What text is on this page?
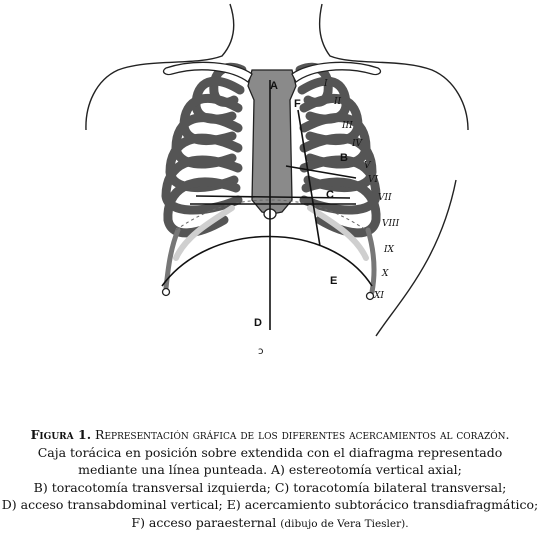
ↄ
A
B
C
D
E
F
I
II
III
IV
V
VI
VII
VIII
IX
X
XI
Figura 1. Representación gráfica de los diferentes acercamientos al corazón.
Caja torácica en posición sobre extendida con el diafragma representado
mediante una línea punteada. A) estereotomía vertical axial;
B) toracotomía transversal izquierda; C) toracotomía bilateral transversal;
D) acceso transabdominal vertical; E) acercamiento subtorácico transdiafragmático;
F) acceso paraesternal (dibujo de Vera Tiesler).
